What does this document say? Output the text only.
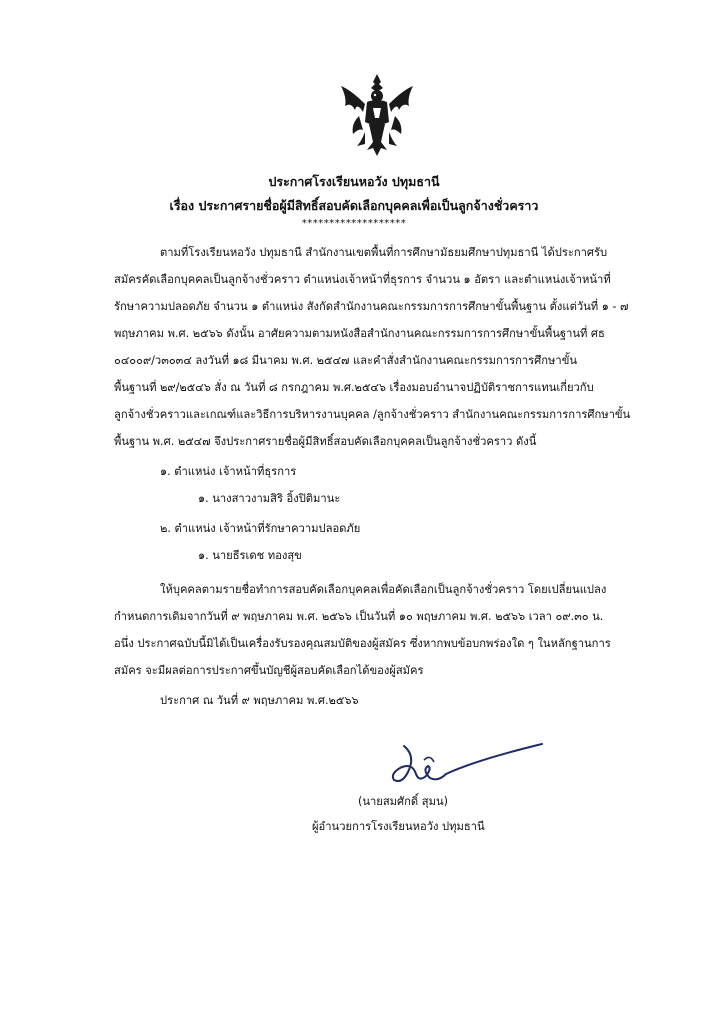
ประกาศโรงเรียนหอวัง ปทุมธานี
เรื่อง ประกาศรายชื่อผู้มีสิทธิ์สอบคัดเลือกบุคคลเพื่อเป็นลูกจ้างชั่วคราว
*******************
ตามที่โรงเรียนหอวัง ปทุมธานี สำนักงานเขตพื้นที่การศึกษามัธยมศึกษาปทุมธานี ได้ประกาศรับ
สมัครคัดเลือกบุคคลเป็นลูกจ้างชั่วคราว ตำแหน่งเจ้าหน้าที่ธุรการ จำนวน ๑ อัตรา และตำแหน่งเจ้าหน้าที่
รักษาความปลอดภัย จำนวน ๑ ตำแหน่ง สังกัดสำนักงานคณะกรรมการการศึกษาขั้นพื้นฐาน ตั้งแต่วันที่ ๑ - ๗
พฤษภาคม พ.ศ. ๒๕๖๖ ดังนั้น อาศัยความตามหนังสือสำนักงานคณะกรรมการการศึกษาขั้นพื้นฐานที่ ศธ
๐๔๐๐๙/ว๓๐๓๔ ลงวันที่ ๑๘ มีนาคม พ.ศ. ๒๕๔๗ และคำสั่งสำนักงานคณะกรรมการการศึกษาขั้น
พื้นฐานที่ ๒๙/๒๕๔๖ สั่ง ณ วันที่ ๘ กรกฎาคม พ.ศ.๒๕๔๖ เรื่องมอบอำนาจปฏิบัติราชการแทนเกี่ยวกับ
ลูกจ้างชั่วคราวและเกณฑ์และวิธีการบริหารงานบุคคล /ลูกจ้างชั่วคราว สำนักงานคณะกรรมการการศึกษาขั้น
พื้นฐาน พ.ศ. ๒๕๔๗ จึงประกาศรายชื่อผู้มีสิทธิ์สอบคัดเลือกบุคคลเป็นลูกจ้างชั่วคราว ดังนี้
๑. ตำแหน่ง เจ้าหน้าที่ธุรการ
๑. นางสาวงามสิริ อิ้งปิติมานะ
๒. ตำแหน่ง เจ้าหน้าที่รักษาความปลอดภัย
๑. นายธีรเดช ทองสุข
ให้บุคคลตามรายชื่อทำการสอบคัดเลือกบุคคลเพื่อคัดเลือกเป็นลูกจ้างชั่วคราว โดยเปลี่ยนแปลง
กำหนดการเดิมจากวันที่ ๙ พฤษภาคม พ.ศ. ๒๕๖๖ เป็นวันที่ ๑๐ พฤษภาคม พ.ศ. ๒๕๖๖ เวลา ๐๙.๓๐ น.
อนึ่ง ประกาศฉบับนี้มิได้เป็นเครื่องรับรองคุณสมบัติของผู้สมัคร ซึ่งหากพบข้อบกพร่องใด ๆ ในหลักฐานการ
สมัคร จะมีผลต่อการประกาศขึ้นบัญชีผู้สอบคัดเลือกได้ของผู้สมัคร
ประกาศ ณ วันที่ ๙ พฤษภาคม พ.ศ.๒๕๖๖
(นายสมศักดิ์ สุมน)
ผู้อำนวยการโรงเรียนหอวัง ปทุมธานี
